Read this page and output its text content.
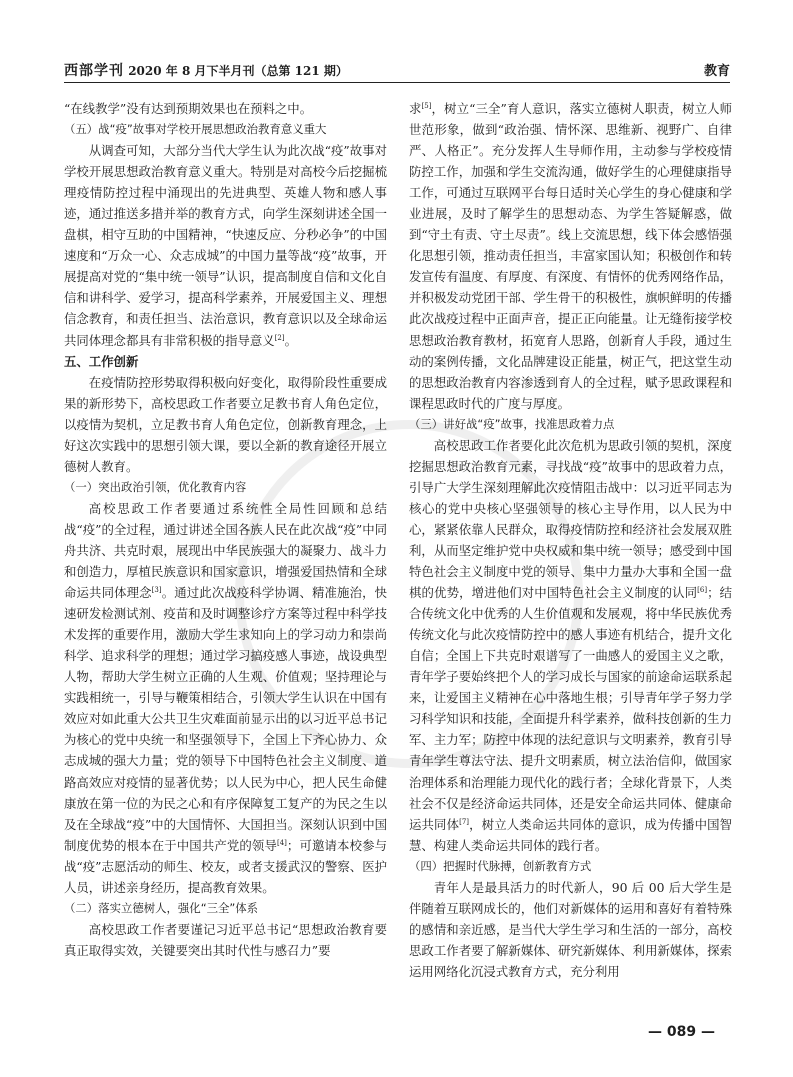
西部学刊 2020 年 8 月下半月刊（总第 121 期）	教育

“在线教学”没有达到预期效果也在预料之中。

（五）战“疫”故事对学校开展思想政治教育意义重大

从调查可知，大部分当代大学生认为此次战“疫”故事对学校开展思想政治教育意义重大。特别是对高校今后挖掘梳理疫情防控过程中涌现出的先进典型、英雄人物和感人事迹，通过推送多措并举的教育方式，向学生深刻讲述全国一盘棋，相守互助的中国精神，“快速反应、分秒必争”的中国速度和“万众一心、众志成城”的中国力量等战“疫”故事，开展提高对党的“集中统一领导”认识，提高制度自信和文化自信和讲科学、爱学习，提高科学素养，开展爱国主义、理想信念教育，和责任担当、法治意识，教育意识以及全球命运共同体理念都具有非常积极的指导意义[2]。

五、工作创新

在疫情防控形势取得积极向好变化，取得阶段性重要成果的新形势下，高校思政工作者要立足教书育人角色定位，以疫情为契机，立足教书育人角色定位，创新教育理念，上好这次实践中的思想引领大课，要以全新的教育途径开展立德树人教育。

（一）突出政治引领，优化教育内容

高校思政工作者要通过系统性全局性回顾和总结战“疫”的全过程，通过讲述全国各族人民在此次战“疫”中同舟共济、共克时艰，展现出中华民族强大的凝聚力、战斗力和创造力，厚植民族意识和国家意识，增强爱国热情和全球命运共同体理念[3]。通过此次战疫科学协调、精准施治，快速研发检测试剂、疫苗和及时调整诊疗方案等过程中科学技术发挥的重要作用，激励大学生求知向上的学习动力和崇尚科学、追求科学的理想；通过学习搞疫感人事迹，战设典型人物，帮助大学生树立正确的人生观、价值观；坚持理论与实践相统一，引导与鞭策相结合，引领大学生认识在中国有效应对如此重大公共卫生灾难面前显示出的以习近平总书记为核心的党中央统一和坚强领导下，全国上下齐心协力、众志成城的强大力量；党的领导下中国特色社会主义制度、道路高效应对疫情的显著优势；以人民为中心，把人民生命健康放在第一位的为民之心和有序保障复工复产的为民之生以及在全球战“疫”中的大国情怀、大国担当。深刻认识到中国制度优势的根本在于中国共产党的领导[4]；可邀请本校参与战“疫”志愿活动的师生、校友，或者支援武汉的警察、医护人员，讲述亲身经历，提高教育效果。

（二）落实立德树人，强化“三全”体系

高校思政工作者要谨记习近平总书记“思想政治教育要真正取得实效，关键要突出其时代性与感召力”要

求[5]，树立“三全”育人意识，落实立德树人职责，树立人师世范形象，做到“政治强、情怀深、思维新、视野广、自律严、人格正”。充分发挥人生导师作用，主动参与学校疫情防控工作，加强和学生交流沟通，做好学生的心理健康指导工作，可通过互联网平台每日适时关心学生的身心健康和学业进展，及时了解学生的思想动态、为学生答疑解惑，做到“守土有责、守土尽责”。线上交流思想，线下体会感悟强化思想引领，推动责任担当，丰富家国认知；积极创作和转发宣传有温度、有厚度、有深度、有情怀的优秀网络作品，并积极发动党团干部、学生骨干的积极性，旗帜鲜明的传播此次战疫过程中正面声音，提正正向能量。让无缝衔接学校思想政治教育教材，拓宽育人思路，创新育人手段，通过生动的案例传播，文化品牌建设正能量，树正气，把这堂生动的思想政治教育内容渗透到育人的全过程，赋予思政课程和课程思政时代的广度与厚度。

（三）讲好战“疫”故事，找准思政着力点

高校思政工作者要化此次危机为思政引领的契机，深度挖掘思想政治教育元素，寻找战“疫”故事中的思政着力点，引导广大学生深刻理解此次疫情阻击战中：以习近平同志为核心的党中央核心坚强领导的核心主导作用，以人民为中心，紧紧依靠人民群众，取得疫情防控和经济社会发展双胜利，从而坚定维护党中央权威和集中统一领导；感受到中国特色社会主义制度中党的领导、集中力量办大事和全国一盘棋的优势，增进他们对中国特色社会主义制度的认同[6]；结合传统文化中优秀的人生价值观和发展观，将中华民族优秀传统文化与此次疫情防控中的感人事迹有机结合，提升文化自信；全国上下共克时艰谱写了一曲感人的爱国主义之歌，青年学子要始终把个人的学习成长与国家的前途命运联系起来，让爱国主义精神在心中落地生根；引导青年学子努力学习科学知识和技能，全面提升科学素养，做科技创新的生力军、主力军；防控中体现的法纪意识与文明素养，教育引导青年学生尊法守法、提升文明素质，树立法治信仰，做国家治理体系和治理能力现代化的践行者；全球化背景下，人类社会不仅是经济命运共同体，还是安全命运共同体、健康命运共同体[7]，树立人类命运共同体的意识，成为传播中国智慧、构建人类命运共同体的践行者。

（四）把握时代脉搏，创新教育方式

青年人是最具活力的时代新人，90 后 00 后大学生是伴随着互联网成长的，他们对新媒体的运用和喜好有着特殊的感情和亲近感，是当代大学生学习和生活的一部分，高校思政工作者要了解新媒体、研究新媒体、利用新媒体，探索运用网络化沉浸式教育方式，充分利用

— 089 —
